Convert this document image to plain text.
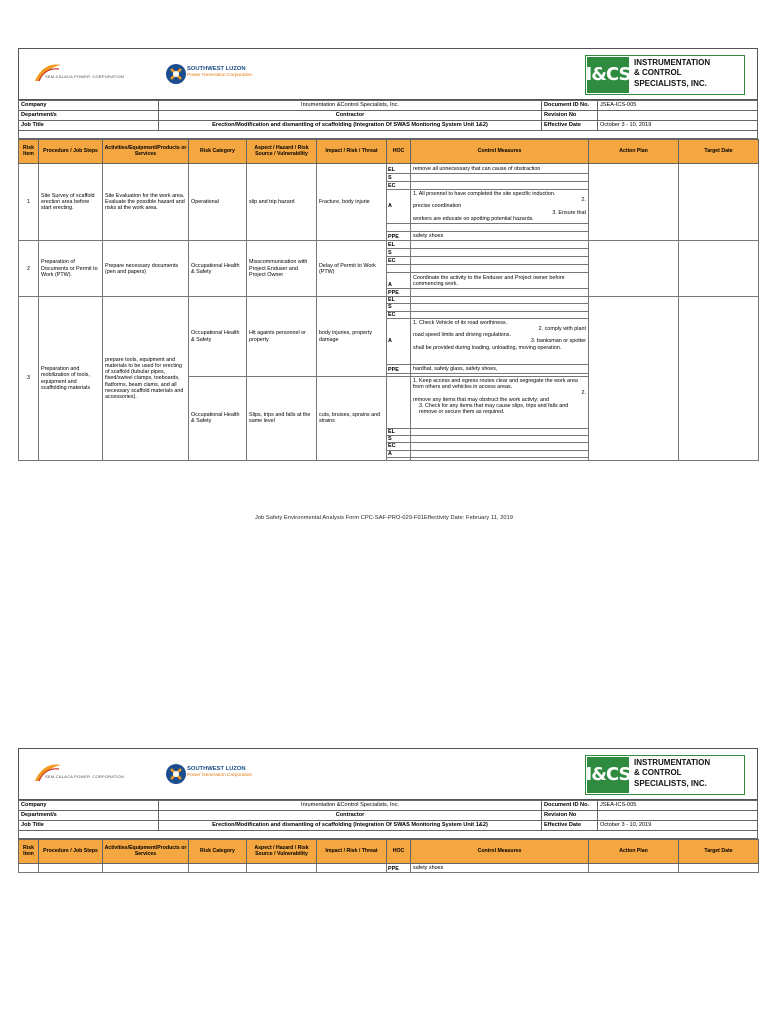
SEM-CALACA POWER CORPORATION
SOUTHWEST LUZON
Power Generation Corporation	I&CS
INSTRUMENTATION
& CONTROL
SPECIALISTS, INC.
Company	Inrumentation &Control Specialists, Inc.	Document ID No.	JSEA-ICS-005
Department/s	Contractor	Revision No	
Job Title	Erection/Modification and dismantling of scaffolding (Integration Of SWAS Monitoring System Unit 1&2)	Effective Date	October 3 - 10, 2019
Risk Item	Procedure / Job Steps	Activities/Equipment/Products or Services	Risk Category	Aspect / Hazard / Risk Source / Vulnerability	Impact / Risk / Threat	HOC	Control Measures	Action Plan	Target Date
1	Site Survey of scaffold erection area before start erecting.	Site Evaluation for the work area. Evaluate the possible hazard and risks at the work area.	Operational	slip and trip hazard	Fracture, body injurie	EL	remove all unnecessary that can cause of obstraction		
						S			
						EC			
						A	1. All prsonnel to have completed the site specific induction.
2.
precise coordination
3. Ensure that
workers are educate on spotting potential hazards.		

						PPE	safety shoes		
2	Preparation of Documents or Permit to Work (PTW).	Prepare necessary documents (pen and papers)	Occupational Health & Safety	Misscommunication with Project Enduser and Project Owner	Delay of Permit to Work (PTW)	EL			
						S			
						EC			

						A	Coordinate the activity to the Enduser and Project owner before commencing work.		
						PPE			
3	Preparation and mobilization of tools, equipment and scaffolding materials	prepare tools, equipment and materials to be used for erecting of scaffold (tubular pipes, fixed/swivel clamps, toeboards, flatforms, beam clams, and all necessary scaffold materials and accessories).	Occupational Health & Safety	Hit againts personnel or property	body injuries, property damage	EL			
						S			
						EC			
						A	1. Check Vehicle of its road worthiness.
2. comply with plant
road speed limits and driving regulations.
3. banksman or spotter
shall be provided during loading, unloading, moving operation.		

						PPE	hardhat, safety glass, safety shoes,		

			Occupational Health & Safety	Slips, trips and falls at the same level	cuts, bruises, sprains and strains		1. Keep access and egress routes clear and segregate the work area from others and vehicles in access areas.
2.
remove any items that may obstruct the work activty; and
3. Check for any items that may cause slips, trips and falls and remove or secure them as required.		

						EL			
						S			
						EC			
						A			

Job Safety Environmental Analysis Form CPC-SAF-PRO-029-F01Effectivity Date: February 11, 2019
SEM-CALACA POWER CORPORATION
SOUTHWEST LUZON
Power Generation Corporation	I&CS
INSTRUMENTATION
& CONTROL
SPECIALISTS, INC.
Company	Inrumentation &Control Specialists, Inc.	Document ID No.	JSEA-ICS-005
Department/s	Contractor	Revision No	
Job Title	Erection/Modification and dismantling of scaffolding (Integration Of SWAS Monitoring System Unit 1&2)	Effective Date	October 3 - 10, 2019
Risk Item	Procedure / Job Steps	Activities/Equipment/Products or Services	Risk Category	Aspect / Hazard / Risk Source / Vulnerability	Impact / Risk / Threat	HOC	Control Measures	Action Plan	Target Date
						PPE	safety shoes		
